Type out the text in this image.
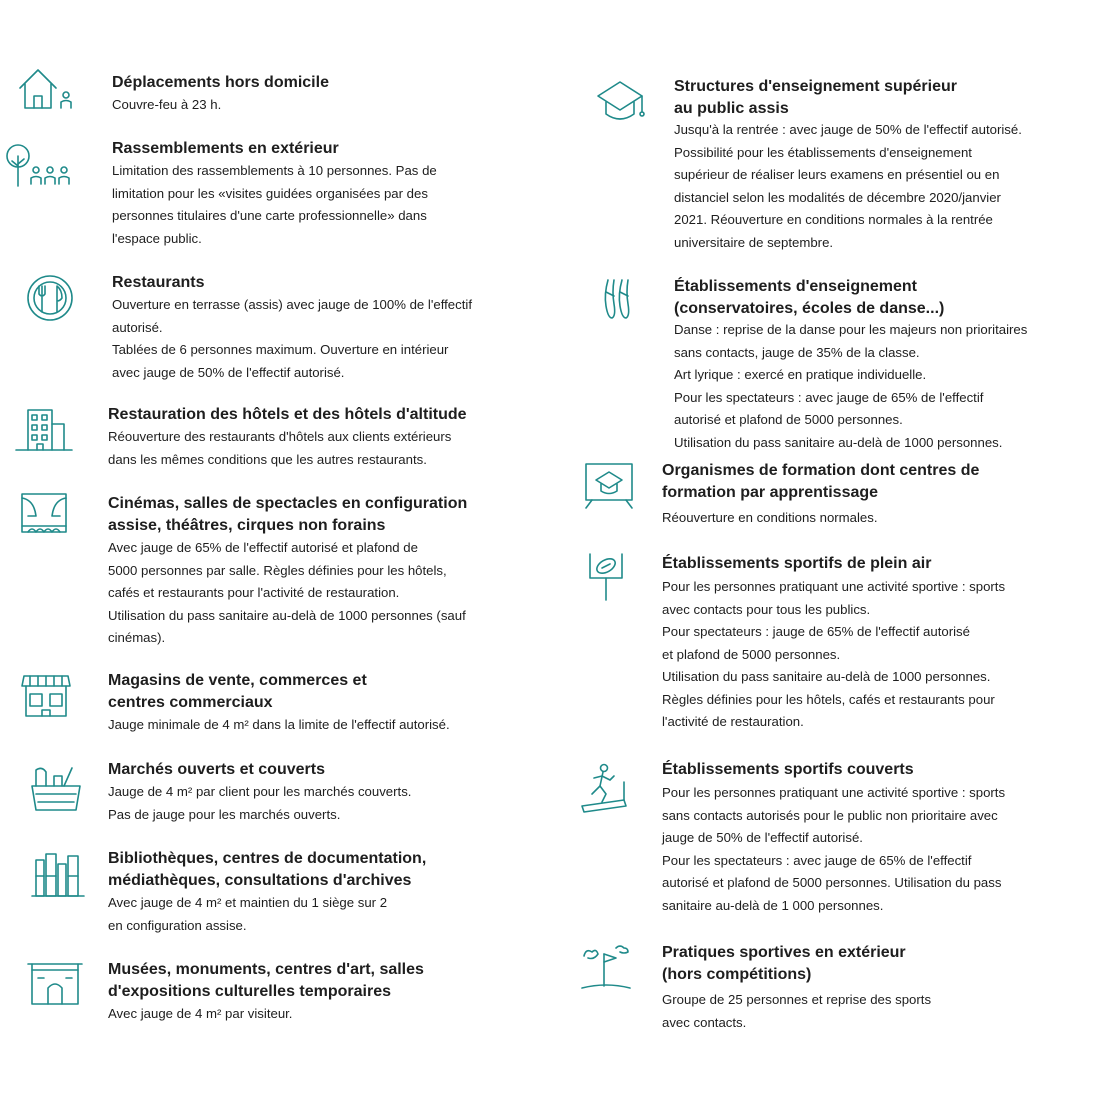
Déplacements hors domicile
Couvre-feu à 23 h.
Rassemblements en extérieur
Limitation des rassemblements à 10 personnes. Pas de
limitation pour les «visites guidées organisées par des
personnes titulaires d'une carte professionnelle» dans
l'espace public.
Restaurants
Ouverture en terrasse (assis) avec jauge de 100% de l'effectif
autorisé.
Tablées de 6 personnes maximum. Ouverture en intérieur
avec jauge de 50% de l'effectif autorisé.
Restauration des hôtels et des hôtels d'altitude
Réouverture des restaurants d'hôtels aux clients extérieurs
dans les mêmes conditions que les autres restaurants.
Cinémas, salles de spectacles en configuration
assise, théâtres, cirques non forains
Avec jauge de 65% de l'effectif autorisé et plafond de
5000 personnes par salle. Règles définies pour les hôtels,
cafés et restaurants pour l'activité de restauration.
Utilisation du pass sanitaire au-delà de 1000 personnes (sauf
cinémas).
Magasins de vente, commerces et
centres commerciaux
Jauge minimale de 4 m² dans la limite de l'effectif autorisé.
Marchés ouverts et couverts
Jauge de 4 m² par client pour les marchés couverts.
Pas de jauge pour les marchés ouverts.
Bibliothèques, centres de documentation,
médiathèques, consultations d'archives
Avec jauge de 4 m² et maintien du 1 siège sur 2
en configuration assise.
Musées, monuments, centres d'art, salles
d'expositions culturelles temporaires
Avec jauge de 4 m² par visiteur.
Structures d'enseignement supérieur
au public assis
Jusqu'à la rentrée : avec jauge de 50% de l'effectif autorisé.
Possibilité pour les établissements d'enseignement
supérieur de réaliser leurs examens en présentiel ou en
distanciel selon les modalités de décembre 2020/janvier
2021. Réouverture en conditions normales à la rentrée
universitaire de septembre.
Établissements d'enseignement
(conservatoires, écoles de danse...)
Danse : reprise de la danse pour les majeurs non prioritaires
sans contacts, jauge de 35% de la classe.
Art lyrique : exercé en pratique individuelle.
Pour les spectateurs : avec jauge de 65% de l'effectif
autorisé et plafond de 5000 personnes.
Utilisation du pass sanitaire au-delà de 1000 personnes.
Organismes de formation dont centres de
formation par apprentissage
Réouverture en conditions normales.
Établissements sportifs de plein air
Pour les personnes pratiquant une activité sportive : sports
avec contacts pour tous les publics.
Pour spectateurs : jauge de 65% de l'effectif autorisé
et plafond de 5000 personnes.
Utilisation du pass sanitaire au-delà de 1000 personnes.
Règles définies pour les hôtels, cafés et restaurants pour
l'activité de restauration.
Établissements sportifs couverts
Pour les personnes pratiquant une activité sportive : sports
sans contacts autorisés pour le public non prioritaire avec
jauge de 50% de l'effectif autorisé.
Pour les spectateurs : avec jauge de 65% de l'effectif
autorisé et plafond de 5000 personnes. Utilisation du pass
sanitaire au-delà de 1 000 personnes.
Pratiques sportives en extérieur
(hors compétitions)
Groupe de 25 personnes et reprise des sports
avec contacts.
